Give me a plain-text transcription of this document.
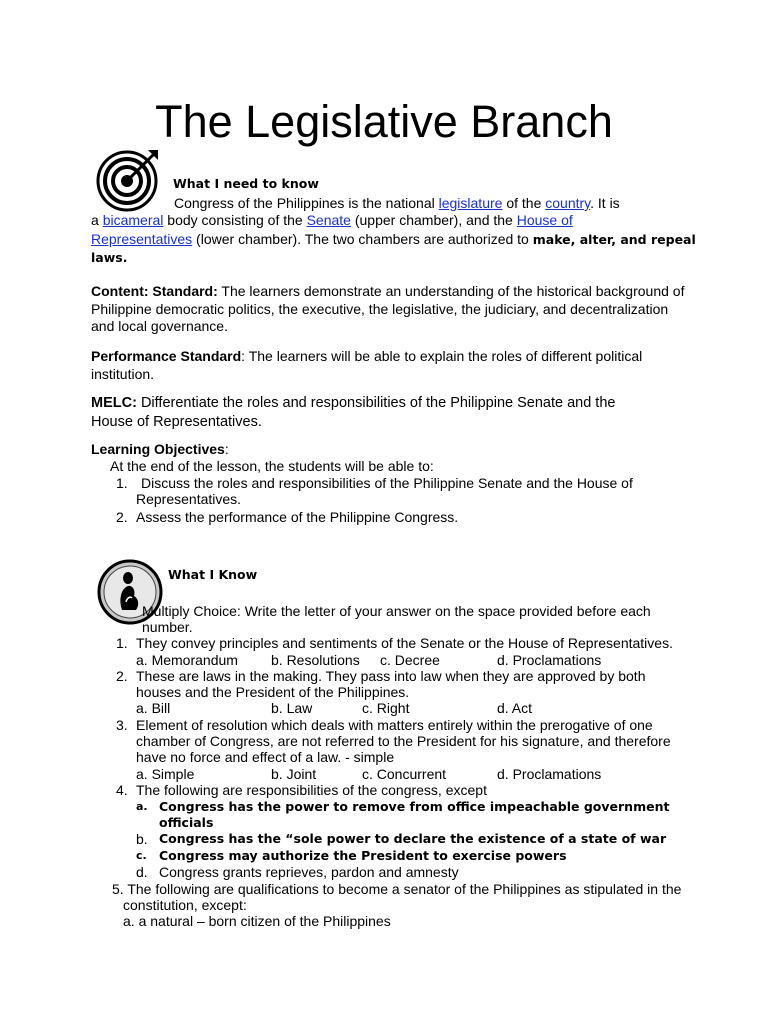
The Legislative Branch
What I need to know
Congress of the Philippines is the national legislature of the country. It is
a bicameral body consisting of the Senate (upper chamber), and the House of
Representatives (lower chamber). The two chambers are authorized to make, alter, and repeal
laws.
Content: Standard: The learners demonstrate an understanding of the historical background of
Philippine democratic politics, the executive, the legislative, the judiciary, and decentralization
and local governance.
Performance Standard: The learners will be able to explain the roles of different political
institution.
MELC: Differentiate the roles and responsibilities of the Philippine Senate and the
House of Representatives.
Learning Objectives:
At the end of the lesson, the students will be able to:
1. Discuss the roles and responsibilities of the Philippine Senate and the House of
Representatives.
2. Assess the performance of the Philippine Congress.
What I Know
Multiply Choice: Write the letter of your answer on the space provided before each
number.
1. They convey principles and sentiments of the Senate or the House of Representatives.
a. Memorandum b. Resolutions c. Decree	d. Proclamations
2. These are laws in the making. They pass into law when they are approved by both
houses and the President of the Philippines.
a. Bill	b. Law	c. Right	d. Act
3. Element of resolution which deals with matters entirely within the prerogative of one
chamber of Congress, are not referred to the President for his signature, and therefore
have no force and effect of a law. - simple
a. Simple	b. Joint	c. Concurrent	d. Proclamations
4. The following are responsibilities of the congress, except
a. Congress has the power to remove from office impeachable government
officials
b. Congress has the “sole power to declare the existence of a state of war
c. Congress may authorize the President to exercise powers
d. Congress grants reprieves, pardon and amnesty
5. The following are qualifications to become a senator of the Philippines as stipulated in the
constitution, except:
a. a natural – born citizen of the Philippines
